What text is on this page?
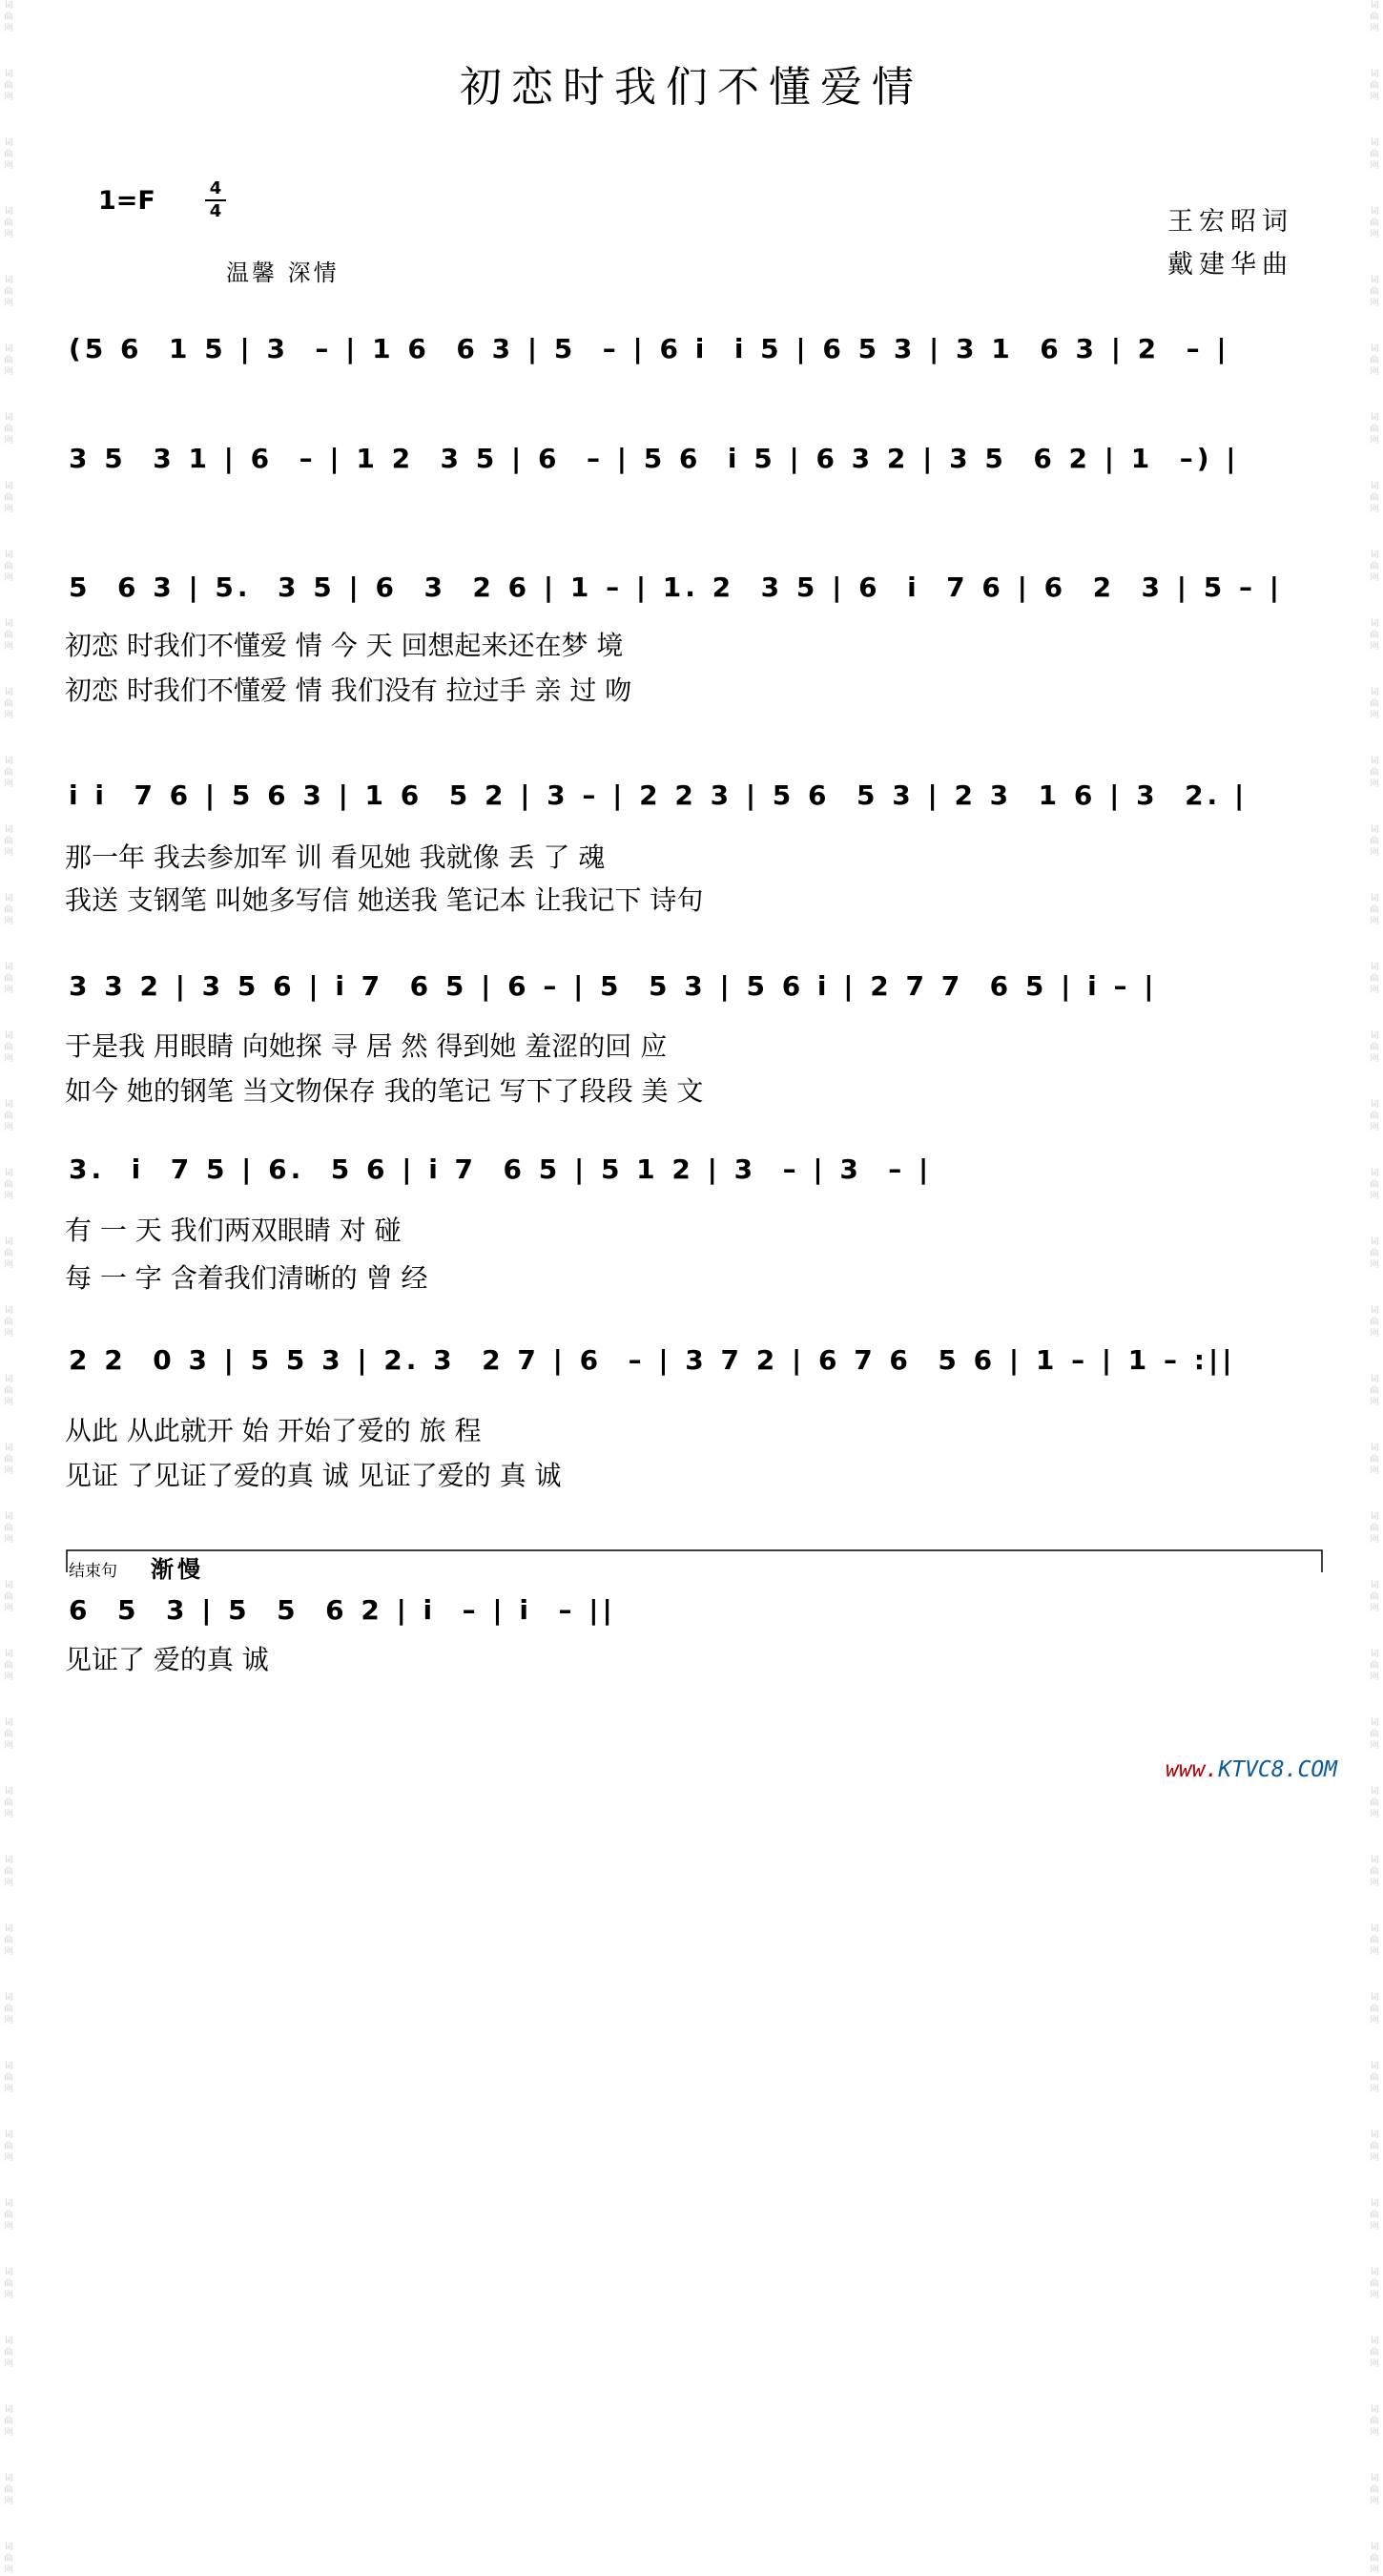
词曲网
词曲网
词曲网
词曲网
词曲网
词曲网
词曲网
词曲网
词曲网
词曲网
词曲网
词曲网
词曲网
词曲网
词曲网
词曲网
词曲网
词曲网
词曲网
词曲网
词曲网
词曲网
词曲网
词曲网
词曲网
词曲网
词曲网
词曲网
词曲网
词曲网
词曲网
词曲网
词曲网
词曲网
词曲网
词曲网
词曲网
词曲网
词曲网
词曲网
词曲网
词曲网
词曲网
词曲网
词曲网
词曲网
词曲网
词曲网
词曲网
词曲网
词曲网
词曲网
词曲网
词曲网
词曲网
词曲网
词曲网
词曲网
词曲网
词曲网
词曲网
词曲网
词曲网
词曲网
词曲网
词曲网
词曲网
词曲网
词曲网
词曲网
词曲网
词曲网
词曲网
词曲网
词曲网
词曲网
初恋时我们不懂爱情
1=F	4
4
温馨 深情
王宏昭词
戴建华曲
(5 6  1 5 | 3  – | 1 6  6 3 | 5  – | 6 i  i 5 | 6 5 3 | 3 1  6 3 | 2  – |
3 5  3 1 | 6  – | 1 2  3 5 | 6  – | 5 6  i 5 | 6 3 2 | 3 5  6 2 | 1  –) |
5  6 3 | 5.  3 5 | 6  3  2 6 | 1 – | 1. 2  3 5 | 6  i  7 6 | 6  2  3 | 5 – |
i i  7 6 | 5 6 3 | 1 6  5 2 | 3 – | 2 2 3 | 5 6  5 3 | 2 3  1 6 | 3  2. |
3 3 2 | 3 5 6 | i 7  6 5 | 6 – | 5  5 3 | 5 6 i | 2 7 7  6 5 | i – |
3.  i  7 5 | 6.  5 6 | i 7  6 5 | 5 1 2 | 3  – | 3  – |
2 2  0 3 | 5 5 3 | 2. 3  2 7 | 6  – | 3 7 2 | 6 7 6  5 6 | 1 – | 1 – :||
6  5  3 | 5  5  6 2 | i  – | i  – ||
初恋 时我们不懂爱 情 今 天 回想起来还在梦 境
初恋 时我们不懂爱 情 我们没有 拉过手 亲 过 吻
那一年 我去参加军 训 看见她 我就像 丢 了 魂
我送 支钢笔 叫她多写信 她送我 笔记本 让我记下 诗句
于是我 用眼睛 向她探 寻 居 然 得到她 羞涩的回 应
如今 她的钢笔 当文物保存 我的笔记 写下了段段 美 文
有 一 天 我们两双眼睛 对 碰
每 一 字 含着我们清晰的 曾 经
从此 从此就开 始 开始了爱的 旅 程
见证 了见证了爱的真 诚 见证了爱的 真 诚
结束句 渐慢
见证了 爱的真 诚
www.KTVC8.COM
